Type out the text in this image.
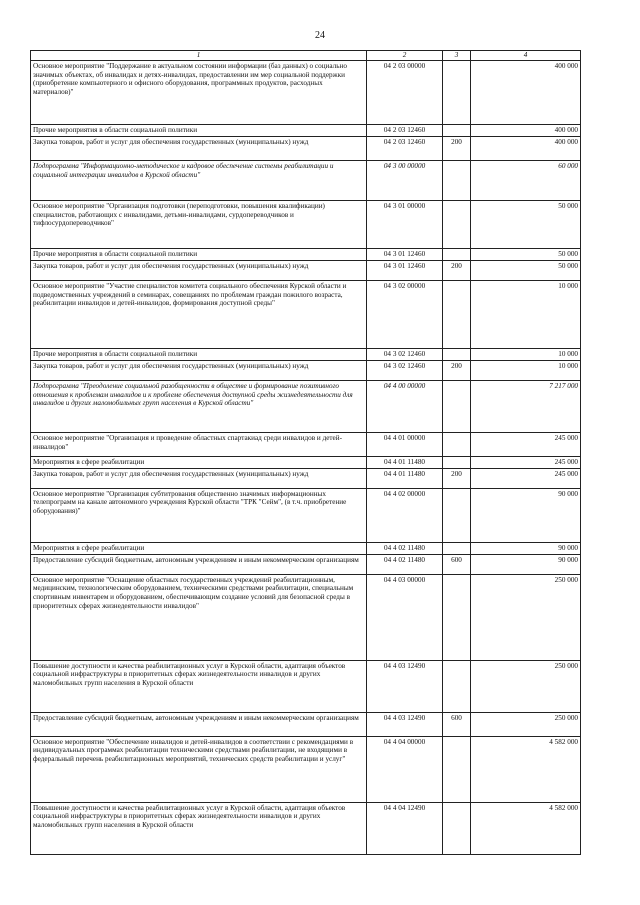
24
1	2	3	4
Основное мероприятие "Поддержание в актуальном состоянии информации (баз данных) о социально значимых объектах, об инвалидах и детях-инвалидах, предоставлении им мер социальной поддержки (приобретение компьютерного и офисного оборудования, программных продуктов, расходных материалов)"	04 2 03 00000		400 000
Прочие мероприятия в области социальной политики	04 2 03 12460		400 000
Закупка товаров, работ и услуг для обеспечения государственных (муниципальных) нужд	04 2 03 12460	200	400 000
Подпрограмма "Информационно-методическое и кадровое обеспечение системы реабилитации и социальной интеграции инвалидов в Курской области"	04 3 00 00000		60 000
Основное мероприятие "Организация подготовки (переподготовки, повышения квалификации) специалистов, работающих с инвалидами, детьми-инвалидами, сурдопереводчиков и тифлосурдопереводчиков"	04 3 01 00000		50 000
Прочие мероприятия в области социальной политики	04 3 01 12460		50 000
Закупка товаров, работ и услуг для обеспечения государственных (муниципальных) нужд	04 3 01 12460	200	50 000
Основное мероприятие "Участие специалистов комитета социального обеспечения Курской области и подведомственных учреждений в семинарах, совещаниях по проблемам граждан пожилого возраста, реабилитации инвалидов и детей-инвалидов, формирования доступной среды"	04 3 02 00000		10 000
Прочие мероприятия в области социальной политики	04 3 02 12460		10 000
Закупка товаров, работ и услуг для обеспечения государственных (муниципальных) нужд	04 3 02 12460	200	10 000
Подпрограмма "Преодоление социальной разобщенности в обществе и формирование позитивного отношения к проблемам инвалидов и к проблеме обеспечения доступной среды жизнедеятельности для инвалидов и других маломобильных групп населения в Курской области"	04 4 00 00000		7 217 000
Основное мероприятие "Организация и проведение областных спартакиад среди инвалидов и детей-инвалидов"	04 4 01 00000		245 000
Мероприятия в сфере реабилитации	04 4 01 11480		245 000
Закупка товаров, работ и услуг для обеспечения государственных (муниципальных) нужд	04 4 01 11480	200	245 000
Основное мероприятие "Организация субтитрования общественно значимых информационных телепрограмм на канале автономного учреждения Курской области "ТРК "Сейм", (в т.ч. приобретение оборудования)"	04 4 02 00000		90 000
Мероприятия в сфере реабилитации	04 4 02 11480		90 000
Предоставление субсидий бюджетным, автономным учреждениям и иным некоммерческим организациям	04 4 02 11480	600	90 000
Основное мероприятие "Оснащение областных государственных учреждений реабилитационным, медицинским, технологическим оборудованием, техническими средствами реабилитации, специальным спортивным инвентарем и оборудованием, обеспечивающим создание условий для безопасной среды в приоритетных сферах жизнедеятельности инвалидов"	04 4 03 00000		250 000
Повышение доступности и качества реабилитационных услуг в Курской области, адаптация объектов социальной инфраструктуры в приоритетных сферах жизнедеятельности инвалидов и других маломобильных групп населения в Курской области	04 4 03 12490		250 000
Предоставление субсидий бюджетным, автономным учреждениям и иным некоммерческим организациям	04 4 03 12490	600	250 000
Основное мероприятие "Обеспечение инвалидов и детей-инвалидов в соответствии с рекомендациями в индивидуальных программах реабилитации техническими средствами реабилитации, не входящими в федеральный перечень реабилитационных мероприятий, технических средств реабилитации и услуг"	04 4 04 00000		4 582 000
Повышение доступности и качества реабилитационных услуг в Курской области, адаптация объектов социальной инфраструктуры в приоритетных сферах жизнедеятельности инвалидов и других маломобильных групп населения в Курской области	04 4 04 12490		4 582 000
